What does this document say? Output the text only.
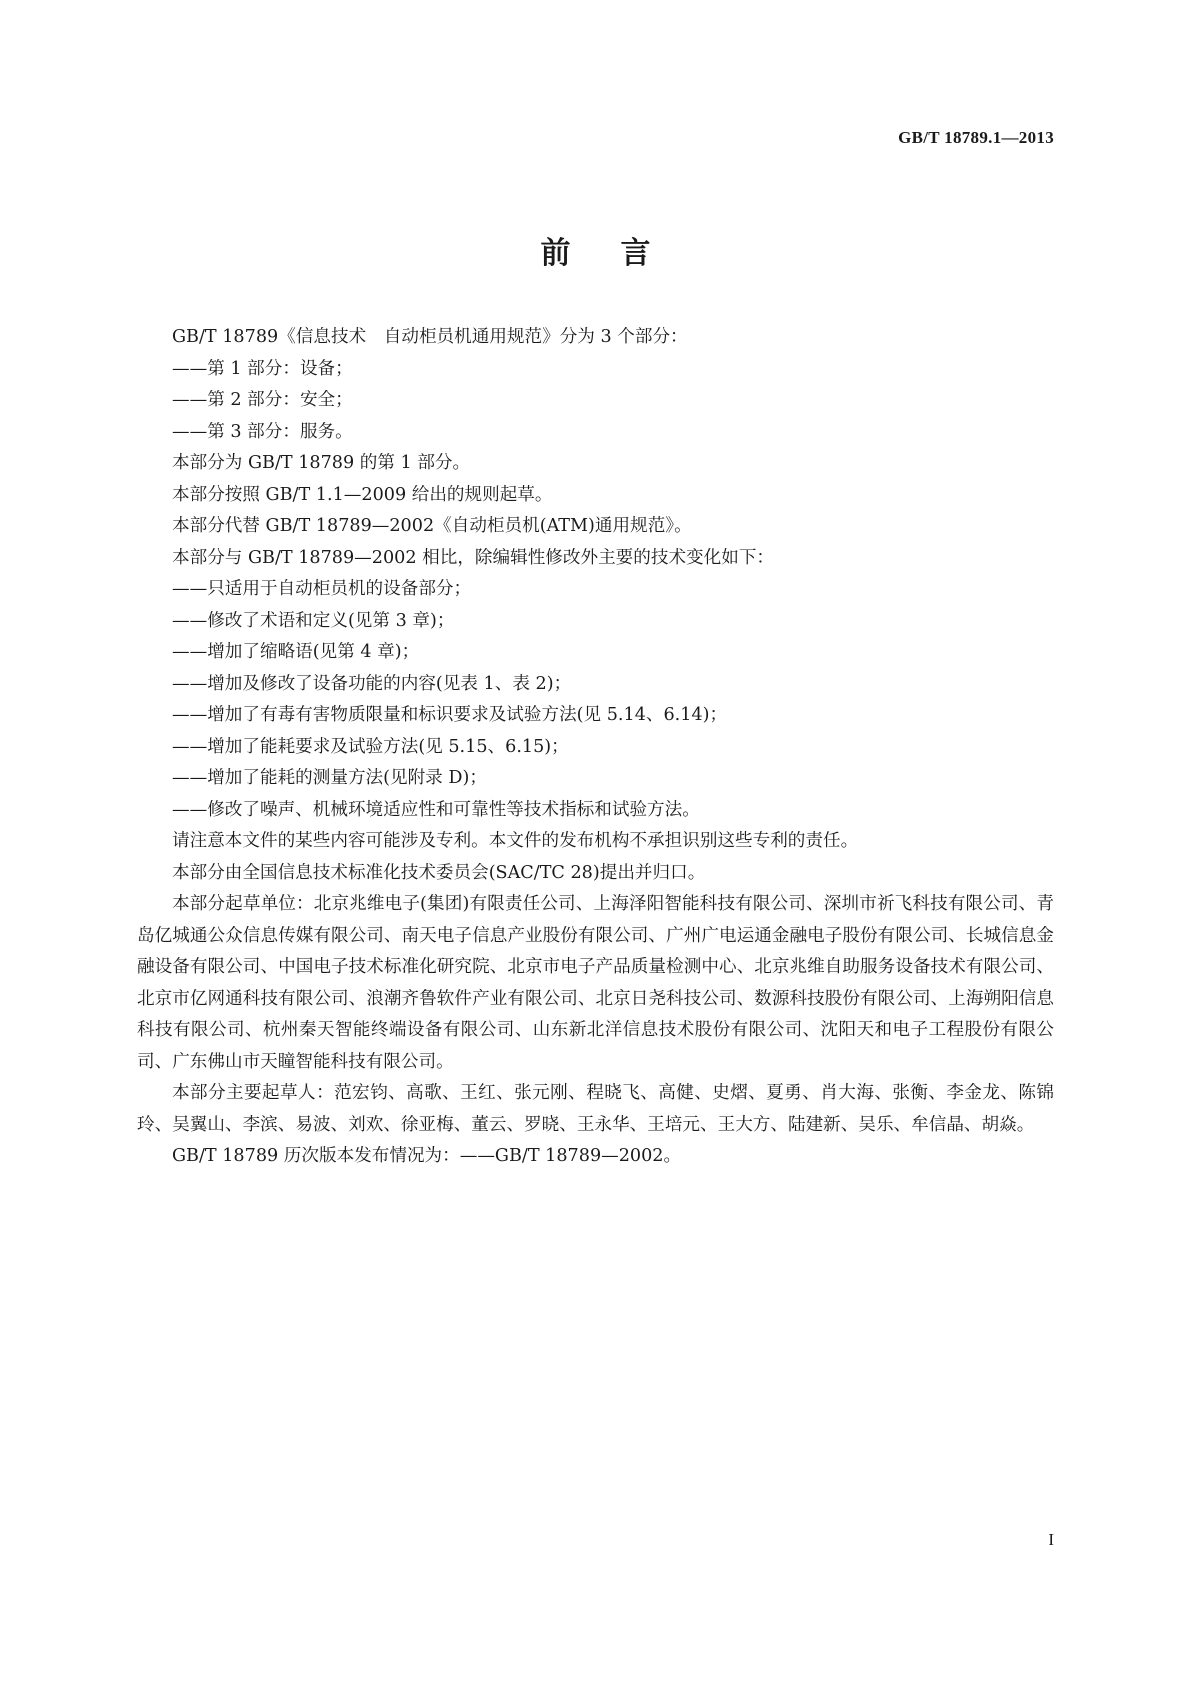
GB/T 18789.1—2013
前言

GB/T 18789《信息技术　自动柜员机通用规范》分为 3 个部分：

——第 1 部分：设备；

——第 2 部分：安全；

——第 3 部分：服务。

本部分为 GB/T 18789 的第 1 部分。

本部分按照 GB/T 1.1—2009 给出的规则起草。

本部分代替 GB/T 18789—2002《自动柜员机(ATM)通用规范》。

本部分与 GB/T 18789—2002 相比，除编辑性修改外主要的技术变化如下：

——只适用于自动柜员机的设备部分；

——修改了术语和定义(见第 3 章)；

——增加了缩略语(见第 4 章)；

——增加及修改了设备功能的内容(见表 1、表 2)；

——增加了有毒有害物质限量和标识要求及试验方法(见 5.14、6.14)；

——增加了能耗要求及试验方法(见 5.15、6.15)；

——增加了能耗的测量方法(见附录 D)；

——修改了噪声、机械环境适应性和可靠性等技术指标和试验方法。

请注意本文件的某些内容可能涉及专利。本文件的发布机构不承担识别这些专利的责任。

本部分由全国信息技术标准化技术委员会(SAC/TC 28)提出并归口。

本部分起草单位：北京兆维电子(集团)有限责任公司、上海泽阳智能科技有限公司、深圳市祈飞科技有限公司、青岛亿城通公众信息传媒有限公司、南天电子信息产业股份有限公司、广州广电运通金融电子股份有限公司、长城信息金融设备有限公司、中国电子技术标准化研究院、北京市电子产品质量检测中心、北京兆维自助服务设备技术有限公司、北京市亿网通科技有限公司、浪潮齐鲁软件产业有限公司、北京日尧科技公司、数源科技股份有限公司、上海朔阳信息科技有限公司、杭州秦天智能终端设备有限公司、山东新北洋信息技术股份有限公司、沈阳天和电子工程股份有限公司、广东佛山市天瞳智能科技有限公司。

本部分主要起草人：范宏钧、高歌、王红、张元刚、程晓飞、高健、史熠、夏勇、肖大海、张衡、李金龙、陈锦玲、吴翼山、李滨、易波、刘欢、徐亚梅、董云、罗晓、王永华、王培元、王大方、陆建新、吴乐、牟信晶、胡焱。

GB/T 18789 历次版本发布情况为：——GB/T 18789—2002。

I
